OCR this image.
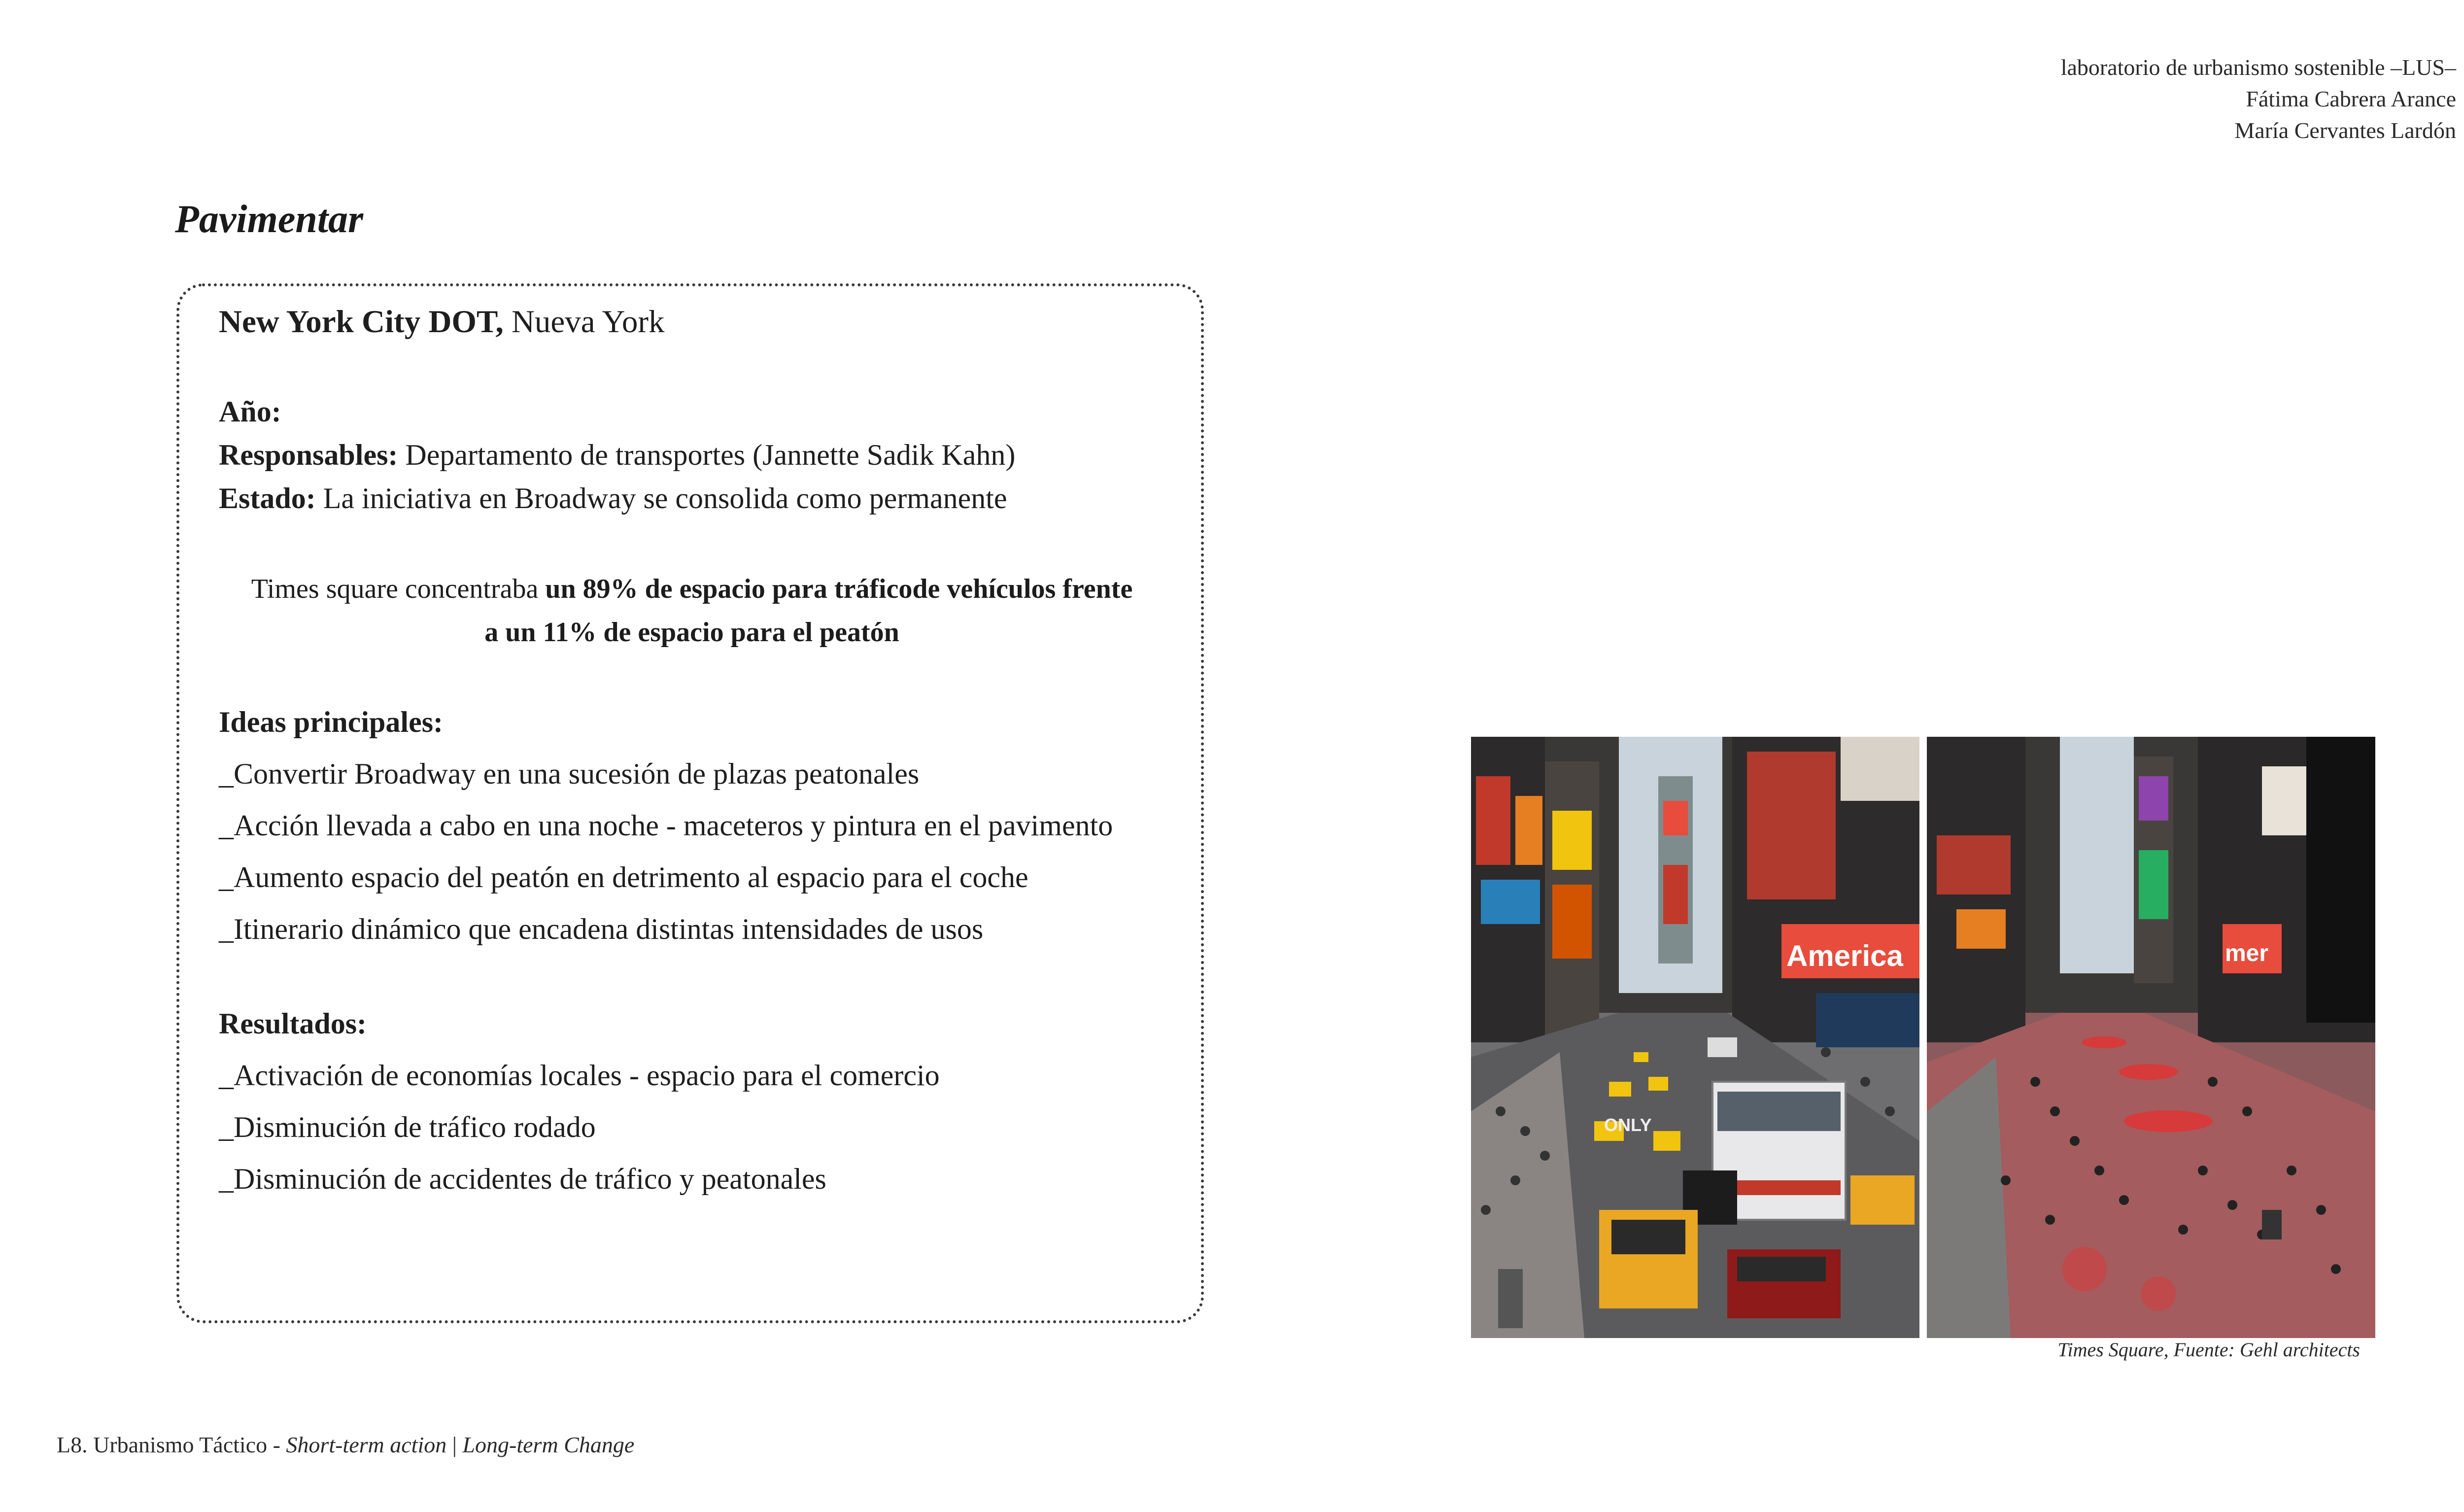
laboratorio de urbanismo sostenible –LUS–
Fátima Cabrera Arance
María Cervantes Lardón
Pavimentar
New York City DOT, Nueva York
Año:
Responsables: Departamento de transportes (Jannette Sadik Kahn)
Estado: La iniciativa en Broadway se consolida como permanente
Times square concentraba un 89% de espacio para tráficode vehículos frente
a un 11% de espacio para el peatón
Ideas principales:
_Convertir Broadway en una sucesión de plazas peatonales
_Acción llevada a cabo en una noche - maceteros y pintura en el pavimento
_Aumento espacio del peatón en detrimento al espacio para el coche
_Itinerario dinámico que encadena distintas intensidades de usos
Resultados:
_Activación de economías locales - espacio para el comercio
_Disminución de tráfico rodado
_Disminución de accidentes de tráfico y peatonales
America
ONLY
mer
Times Square, Fuente: Gehl architects
L8. Urbanismo Táctico - Short-term action | Long-term Change
